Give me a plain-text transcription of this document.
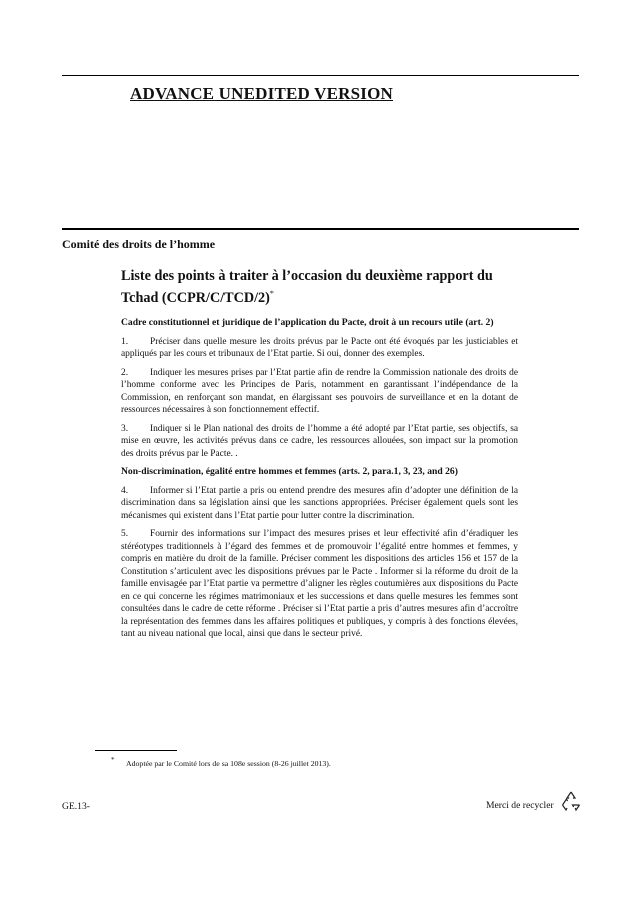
ADVANCE UNEDITED VERSION
Comité des droits de l’homme

Liste des points à traiter à l’occasion du deuxième rapport du Tchad (CCPR/C/TCD/2)*

Cadre constitutionnel et juridique de l’application du Pacte, droit à un recours utile (art. 2)

1. Préciser dans quelle mesure les droits prévus par le Pacte ont été évoqués par les justiciables et appliqués par les cours et tribunaux de l’Etat partie. Si oui, donner des exemples.

2. Indiquer les mesures prises par l’Etat partie afin de rendre la Commission nationale des droits de l’homme conforme avec les Principes de Paris, notamment en garantissant l’indépendance de la Commission, en renforçant son mandat, en élargissant ses pouvoirs de surveillance et en la dotant de ressources nécessaires à son fonctionnement effectif.

3. Indiquer si le Plan national des droits de l’homme a été adopté par l’Etat partie, ses objectifs, sa mise en œuvre, les activités prévus dans ce cadre, les ressources allouées, son impact sur la promotion des droits prévus par le Pacte. .

Non-discrimination, égalité entre hommes et femmes (arts. 2, para.1, 3, 23, and 26)

4. Informer si l’Etat partie a pris ou entend prendre des mesures afin d’adopter une définition de la discrimination dans sa législation ainsi que les sanctions appropriées. Préciser également quels sont les mécanismes qui existent dans l’Etat partie pour lutter contre la discrimination.

5. Fournir des informations sur l’impact des mesures prises et leur effectivité afin d’éradiquer les stéréotypes traditionnels à l’égard des femmes et de promouvoir l’égalité entre hommes et femmes, y compris en matière du droit de la famille. Préciser comment les dispositions des articles 156 et 157 de la Constitution s’articulent avec les dispositions prévues par le Pacte . Informer si la réforme du droit de la famille envisagée par l’Etat partie va permettre d’aligner les règles coutumières aux dispositions du Pacte en ce qui concerne les régimes matrimoniaux et les successions et dans quelle mesures les femmes sont consultées dans le cadre de cette réforme . Préciser si l’Etat partie a pris d’autres mesures afin d’accroître la représentation des femmes dans les affaires politiques et publiques, y compris à des fonctions élevées, tant au niveau national que local, ainsi que dans le secteur privé.

* Adoptée par le Comité lors de sa 108e session (8-26 juillet 2013).
GE.13-	Merci de recycler
